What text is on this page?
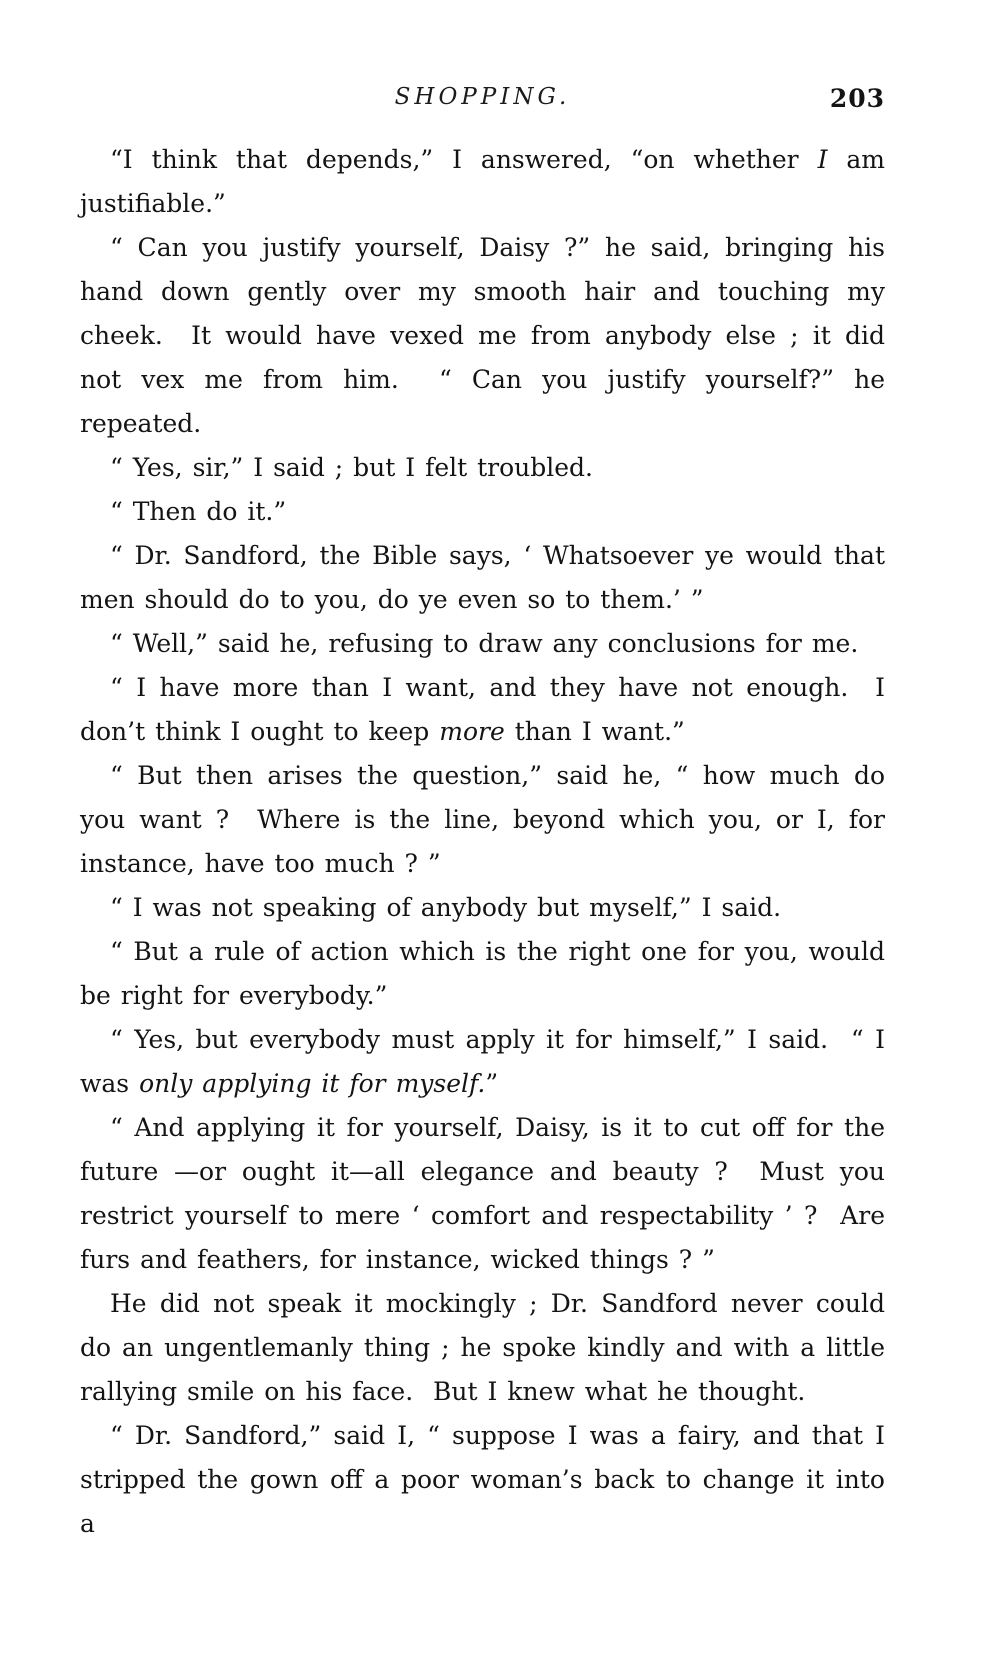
SHOPPING.	203

“I think that depends,” I answered, “on whether I am justifiable.”

“ Can you justify yourself, Daisy ?” he said, bringing his hand down gently over my smooth hair and touching my cheek.  It would have vexed me from anybody else ; it did not vex me from him.  “ Can you justify yourself?” he repeated.

“ Yes, sir,” I said ; but I felt troubled.

“ Then do it.”

“ Dr. Sandford, the Bible says, ‘ Whatsoever ye would that men should do to you, do ye even so to them.’ ”

“ Well,” said he, refusing to draw any conclusions for me.

“ I have more than I want, and they have not enough.  I don’t think I ought to keep more than I want.”

“ But then arises the question,” said he, “ how much do you want ?  Where is the line, beyond which you, or I, for instance, have too much ? ”

“ I was not speaking of anybody but myself,” I said.

“ But a rule of action which is the right one for you, would be right for everybody.”

“ Yes, but everybody must apply it for himself,” I said.  “ I was only applying it for myself.”

“ And applying it for yourself, Daisy, is it to cut off for the future —or ought it—all elegance and beauty ?  Must you restrict yourself to mere ‘ comfort and respectability ’ ?  Are furs and feathers, for instance, wicked things ? ”

He did not speak it mockingly ; Dr. Sandford never could do an ungentlemanly thing ; he spoke kindly and with a little rallying smile on his face.  But I knew what he thought.

“ Dr. Sandford,” said I, “ suppose I was a fairy, and that I stripped the gown off a poor woman’s back to change it into a
